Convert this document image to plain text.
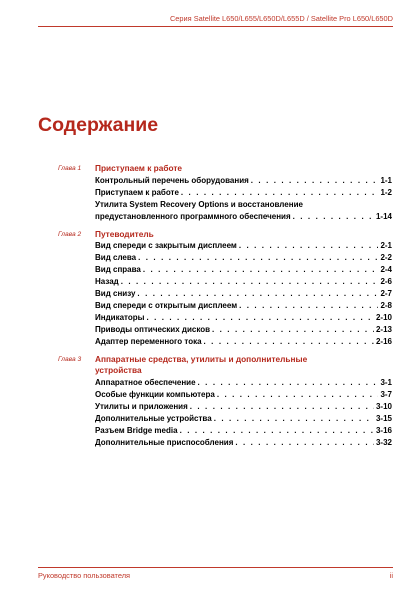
Серия Satellite L650/L655/L650D/L655D / Satellite Pro L650/L650D
Содержание
Глава 1 Приступаем к работе
Контрольный перечень оборудования . . .	1-1
Приступаем к работе . . .	1-2
Утилита System Recovery Options и восстановление
предустановленного программного обеспечения . . .	1-14
Глава 2 Путеводитель
Вид спереди с закрытым дисплеем . . .	2-1
Вид слева . . .	2-2
Вид справа . . .	2-4
Назад . . .	2-6
Вид снизу . . .	2-7
Вид спереди с открытым дисплеем . . .	2-8
Индикаторы . . .	2-10
Приводы оптических дисков . . .	2-13
Адаптер переменного тока . . .	2-16
Глава 3 Аппаратные средства, утилиты и дополнительные
устройства
Аппаратное обеспечение . . .	3-1
Особые функции компьютера . . .	3-7
Утилиты и приложения . . .	3-10
Дополнительные устройства . . .	3-15
Разъем Bridge media . . .	3-16
Дополнительные приспособления . . .	3-32
Руководство пользователя	ii
